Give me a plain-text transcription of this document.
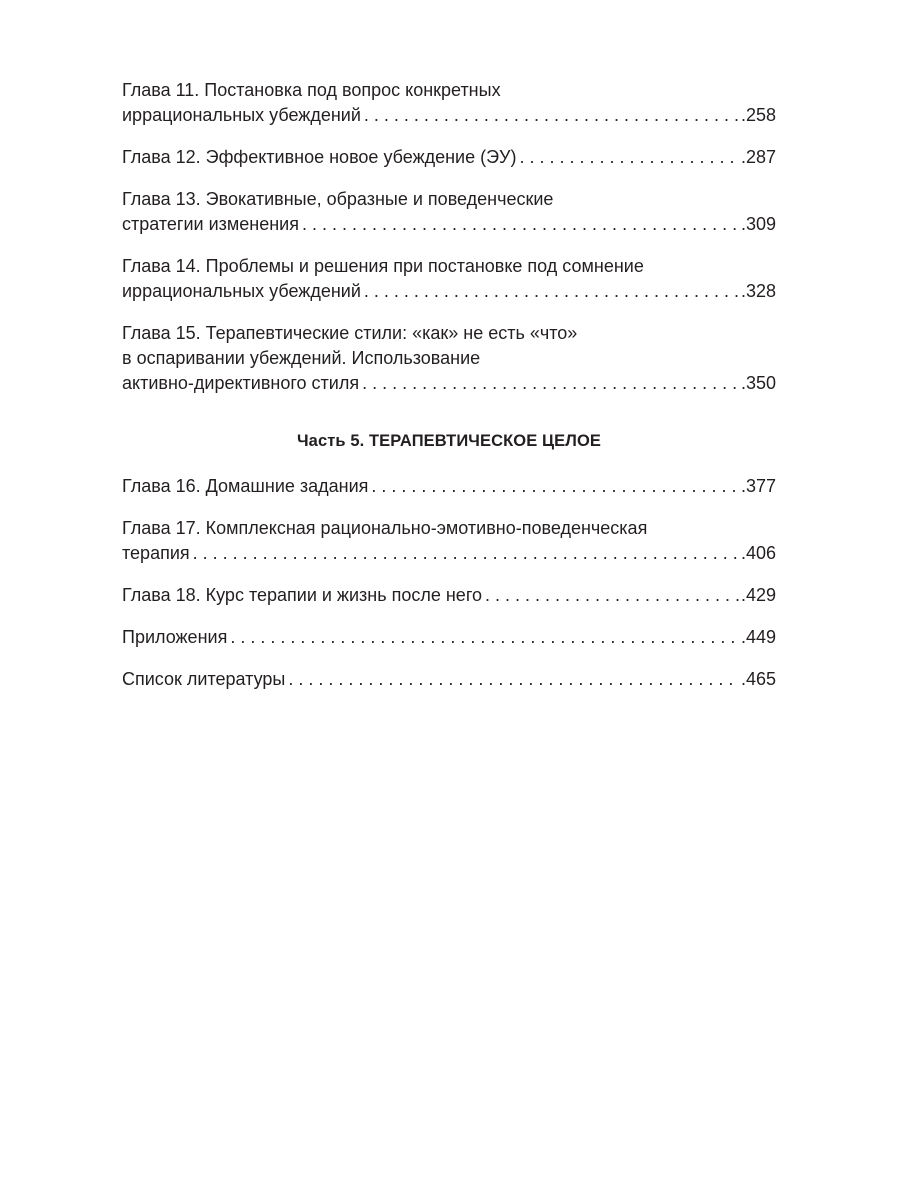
Глава 11. Постановка под вопрос конкретных
иррациональных убеждений . . .	.258
Глава 12. Эффективное новое убеждение (ЭУ) . . .	.287
Глава 13. Эвокативные, образные и поведенческие
стратегии изменения . . .	.309
Глава 14. Проблемы и решения при постановке под сомнение
иррациональных убеждений . . .	.328
Глава 15. Терапевтические стили: «как» не есть «что»
в оспаривании убеждений. Использование
активно-директивного стиля . . .	.350
Часть 5. ТЕРАПЕВТИЧЕСКОЕ ЦЕЛОЕ
Глава 16. Домашние задания . . .	.377
Глава 17. Комплексная рационально-эмотивно-поведенческая
терапия . . .	.406
Глава 18. Курс терапии и жизнь после него . . .	.429
Приложения . . .	.449
Список литературы . . .	.465
